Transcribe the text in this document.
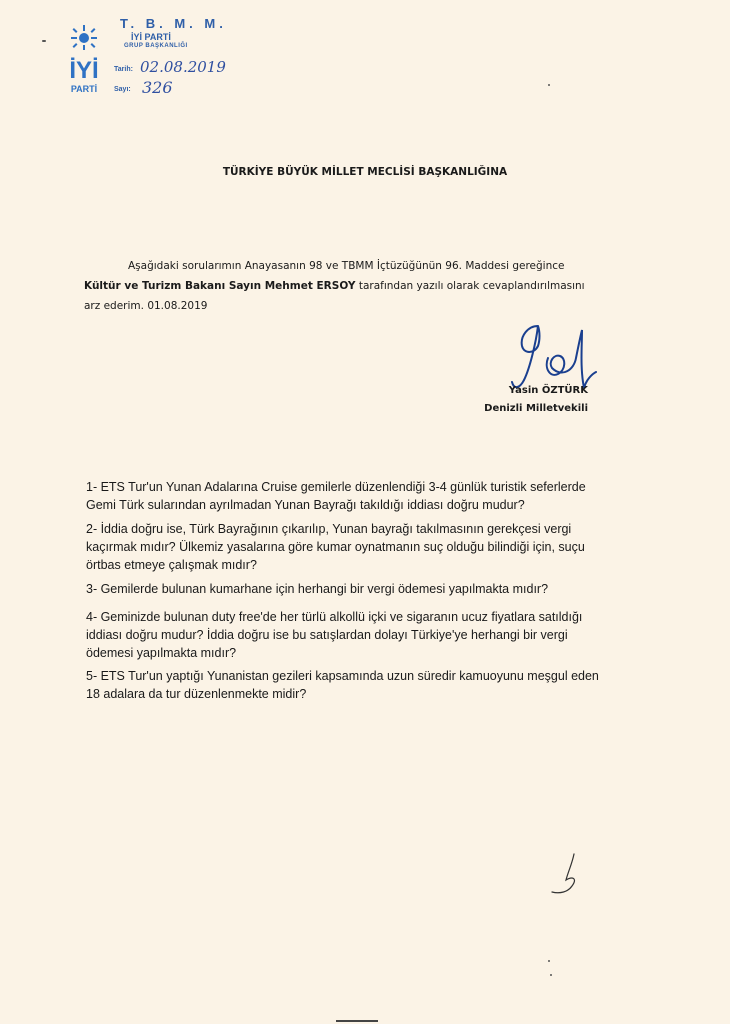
İYİ
PARTİ
T. B. M. M.
İYİ PARTİ
GRUP BAŞKANLIĞI
Tarih: 02.08.2019
Sayı: 326
TÜRKİYE BÜYÜK MİLLET MECLİSİ BAŞKANLIĞINA
Aşağıdaki sorularımın Anayasanın 98 ve TBMM İçtüzüğünün 96. Maddesi gereğince
Kültür ve Turizm Bakanı Sayın Mehmet ERSOY tarafından yazılı olarak cevaplandırılmasını
arz ederim. 01.08.2019
Yasin ÖZTÜRK
Denizli Milletvekili
1- ETS Tur'un Yunan Adalarına Cruise gemilerle düzenlendiği 3-4 günlük turistik seferlerde
Gemi Türk sularından ayrılmadan Yunan Bayrağı takıldığı iddiası doğru mudur?
2- İddia doğru ise, Türk Bayrağının çıkarılıp, Yunan bayrağı takılmasının gerekçesi vergi
kaçırmak mıdır? Ülkemiz yasalarına göre kumar oynatmanın suç olduğu bilindiği için, suçu
örtbas etmeye çalışmak mıdır?
3- Gemilerde bulunan kumarhane için herhangi bir vergi ödemesi yapılmakta mıdır?
4- Geminizde bulunan duty free'de her türlü alkollü içki ve sigaranın ucuz fiyatlara satıldığı
iddiası doğru mudur? İddia doğru ise bu satışlardan dolayı Türkiye'ye herhangi bir vergi
ödemesi yapılmakta mıdır?
5- ETS Tur'un yaptığı Yunanistan gezileri kapsamında uzun süredir kamuoyunu meşgul eden
18 adalara da tur düzenlenmekte midir?
